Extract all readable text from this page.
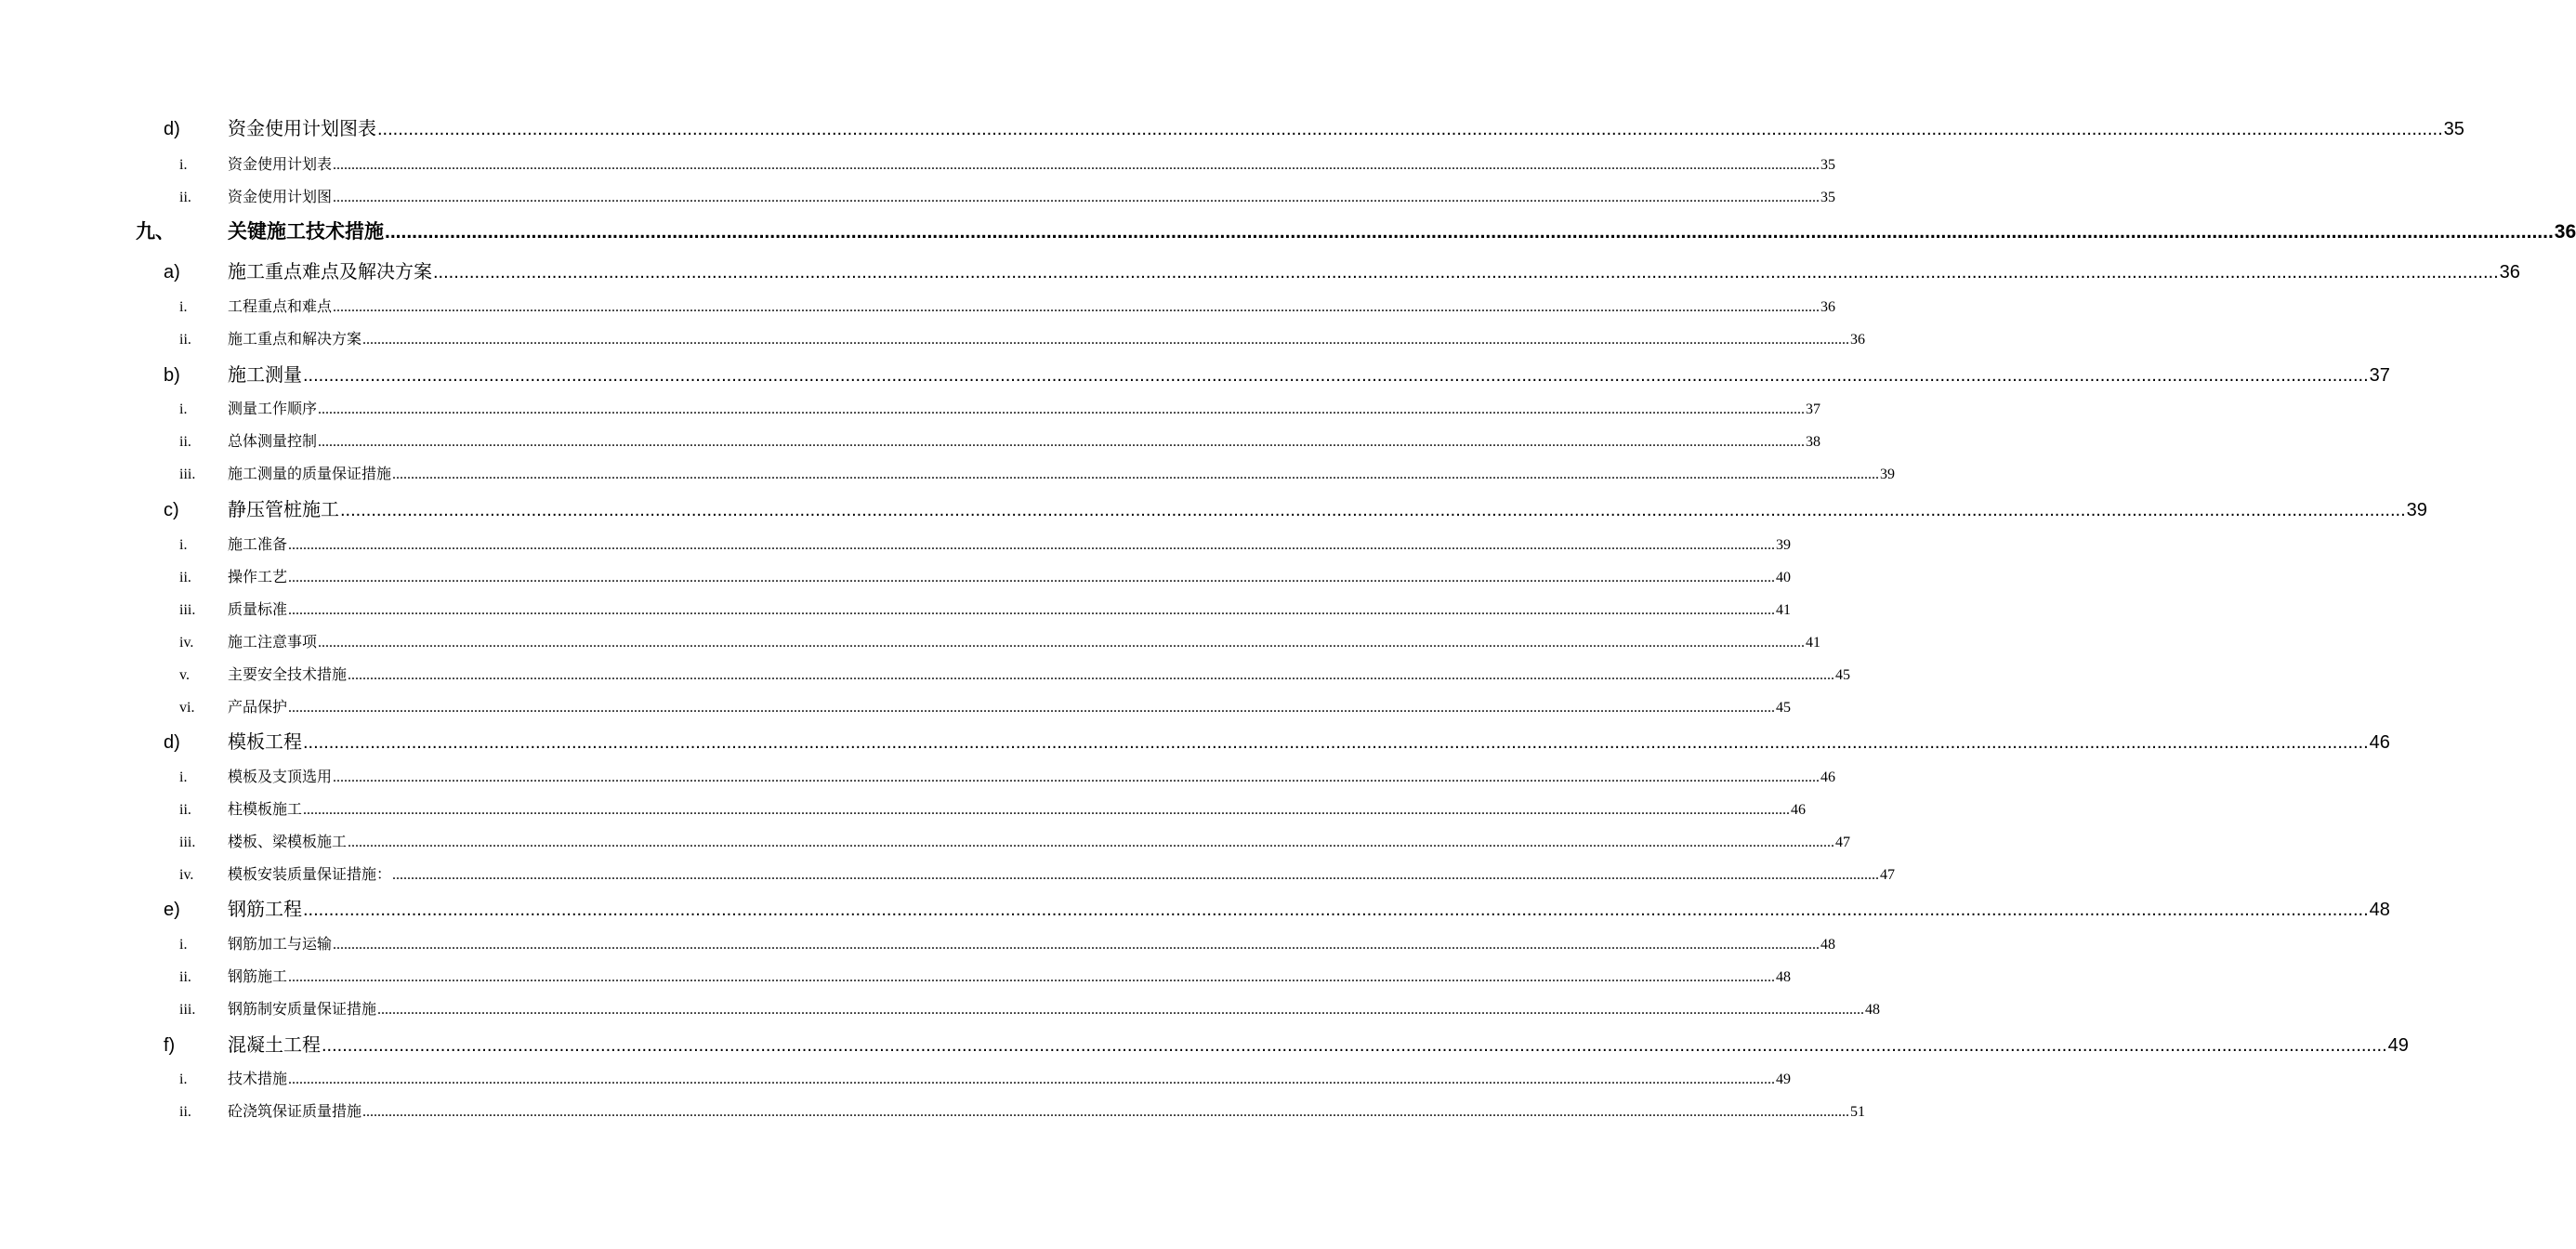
d)	资金使用计划图表 ................................................................................................................................................................................................................................................................................................................................................................................................................ 35
i.	资金使用计划表 ................................................................................................................................................................................................................................................................................................................................................................................................................ 35
ii. 资金使用计划图 ................................................................................................................................................................................................................................................................................................................................................................................................................ 35
九、	关键施工技术措施 ................................................................................................................................................................................................................................................................................................................................................................................................................ 36
a)	施工重点难点及解决方案 ................................................................................................................................................................................................................................................................................................................................................................................................................ 36
i.	工程重点和难点 ................................................................................................................................................................................................................................................................................................................................................................................................................ 36
ii. 施工重点和解决方案 ................................................................................................................................................................................................................................................................................................................................................................................................................ 36
b)	施工测量 ................................................................................................................................................................................................................................................................................................................................................................................................................ 37
i.	测量工作顺序 ................................................................................................................................................................................................................................................................................................................................................................................................................ 37
ii. 总体测量控制 ................................................................................................................................................................................................................................................................................................................................................................................................................ 38
iii. 施工测量的质量保证措施 ................................................................................................................................................................................................................................................................................................................................................................................................................ 39
c)	静压管桩施工 ................................................................................................................................................................................................................................................................................................................................................................................................................ 39
i.	施工准备 ................................................................................................................................................................................................................................................................................................................................................................................................................ 39
ii. 操作工艺 ................................................................................................................................................................................................................................................................................................................................................................................................................ 40
iii. 质量标准 ................................................................................................................................................................................................................................................................................................................................................................................................................ 41
iv. 施工注意事项 ................................................................................................................................................................................................................................................................................................................................................................................................................ 41
v.	主要安全技术措施 ................................................................................................................................................................................................................................................................................................................................................................................................................ 45
vi. 产品保护 ................................................................................................................................................................................................................................................................................................................................................................................................................ 45
d)	模板工程 ................................................................................................................................................................................................................................................................................................................................................................................................................ 46
i.	模板及支顶选用 ................................................................................................................................................................................................................................................................................................................................................................................................................ 46
ii. 柱模板施工 ................................................................................................................................................................................................................................................................................................................................................................................................................ 46
iii. 楼板、梁模板施工 ................................................................................................................................................................................................................................................................................................................................................................................................................ 47
iv. 模板安装质量保证措施： ................................................................................................................................................................................................................................................................................................................................................................................................................ 47
e)	钢筋工程 ................................................................................................................................................................................................................................................................................................................................................................................................................ 48
i.	钢筋加工与运输 ................................................................................................................................................................................................................................................................................................................................................................................................................ 48
ii. 钢筋施工 ................................................................................................................................................................................................................................................................................................................................................................................................................ 48
iii. 钢筋制安质量保证措施 ................................................................................................................................................................................................................................................................................................................................................................................................................ 48
f)	混凝土工程 ................................................................................................................................................................................................................................................................................................................................................................................................................ 49
i.	技术措施 ................................................................................................................................................................................................................................................................................................................................................................................................................ 49
ii. 砼浇筑保证质量措施 ................................................................................................................................................................................................................................................................................................................................................................................................................ 51
